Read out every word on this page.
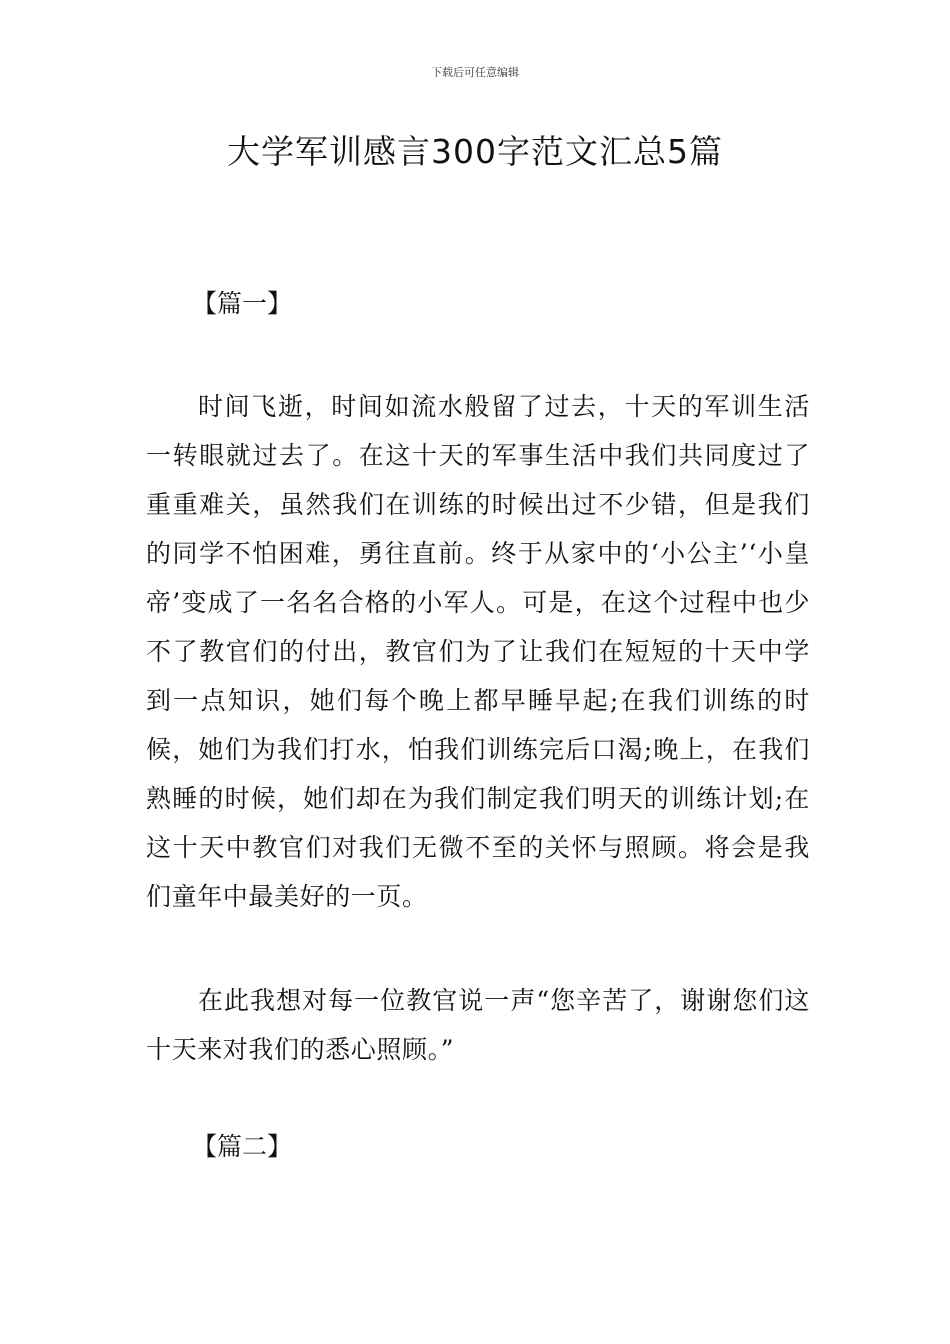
下载后可任意编辑
大学军训感言300字范文汇总5篇

【篇一】

时间飞逝，时间如流水般留了过去，十天的军训生活一转眼就过去了。在这十天的军事生活中我们共同度过了重重难关，虽然我们在训练的时候出过不少错，但是我们的同学不怕困难，勇往直前。终于从家中的‘小公主’‘小皇帝’变成了一名名合格的小军人。可是，在这个过程中也少不了教官们的付出，教官们为了让我们在短短的十天中学到一点知识，她们每个晚上都早睡早起;在我们训练的时候，她们为我们打水，怕我们训练完后口渴;晚上，在我们熟睡的时候，她们却在为我们制定我们明天的训练计划;在这十天中教官们对我们无微不至的关怀与照顾。将会是我们童年中最美好的一页。

在此我想对每一位教官说一声“您辛苦了，谢谢您们这十天来对我们的悉心照顾。”

【篇二】
